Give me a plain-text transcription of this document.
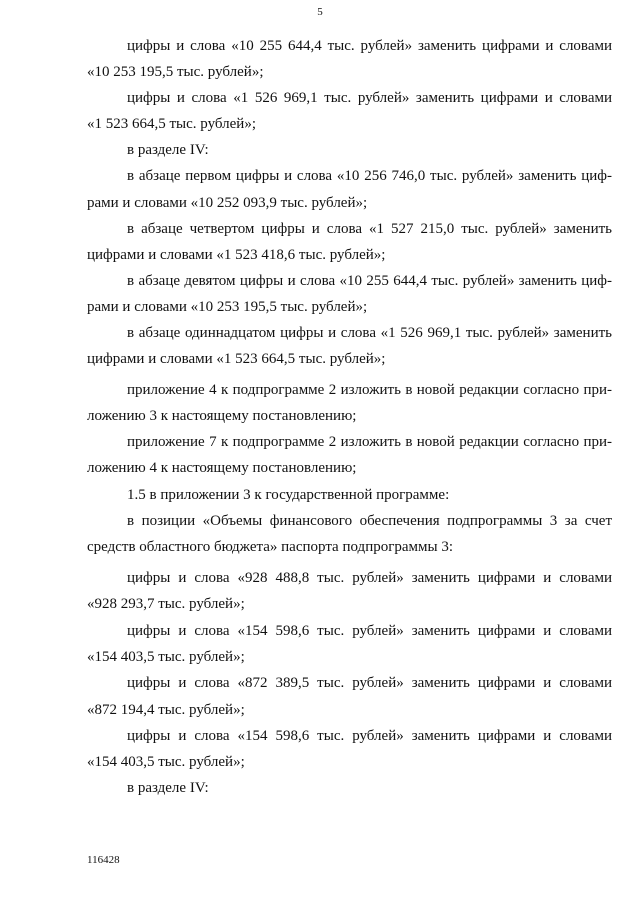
5
цифры и слова «10 255 644,4 тыс. рублей» заменить цифрами и словами
«10 253 195,5 тыс. рублей»;
цифры и слова «1 526 969,1 тыс. рублей» заменить цифрами и словами
«1 523 664,5 тыс. рублей»;
в разделе IV:
в абзаце первом цифры и слова «10 256 746,0 тыс. рублей» заменить циф-
рами и словами «10 252 093,9 тыс. рублей»;
в абзаце четвертом цифры и слова «1 527 215,0 тыс. рублей» заменить
цифрами и словами «1 523 418,6 тыс. рублей»;
в абзаце девятом цифры и слова «10 255 644,4 тыс. рублей» заменить циф-
рами и словами «10 253 195,5 тыс. рублей»;
в абзаце одиннадцатом цифры и слова «1 526 969,1 тыс. рублей» заменить
цифрами и словами «1 523 664,5 тыс. рублей»;
приложение 4 к подпрограмме 2 изложить в новой редакции согласно при-
ложению 3 к настоящему постановлению;
приложение 7 к подпрограмме 2 изложить в новой редакции согласно при-
ложению 4 к настоящему постановлению;
1.5 в приложении 3 к государственной программе:
в позиции «Объемы финансового обеспечения подпрограммы 3 за счет
средств областного бюджета» паспорта подпрограммы 3:
цифры и слова «928 488,8 тыс. рублей» заменить цифрами и словами
«928 293,7 тыс. рублей»;
цифры и слова «154 598,6 тыс. рублей» заменить цифрами и словами
«154 403,5 тыс. рублей»;
цифры и слова «872 389,5 тыс. рублей» заменить цифрами и словами
«872 194,4 тыс. рублей»;
цифры и слова «154 598,6 тыс. рублей» заменить цифрами и словами
«154 403,5 тыс. рублей»;
в разделе IV:
116428
